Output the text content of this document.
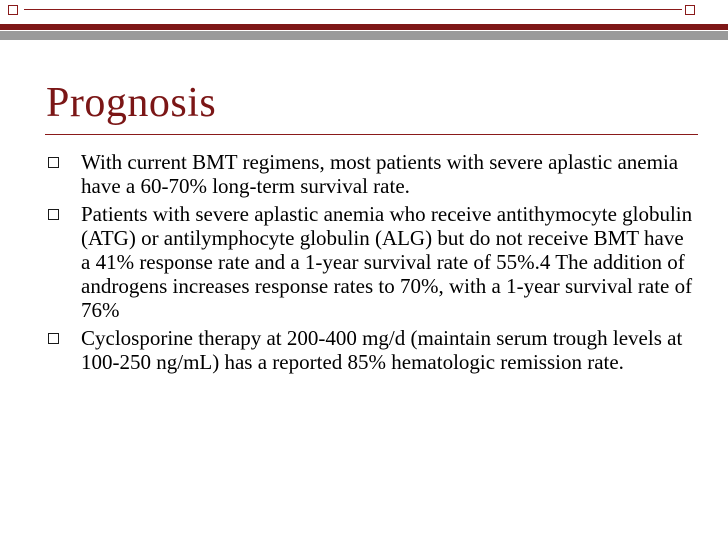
Prognosis
With current BMT regimens, most patients with severe aplastic anemia have a 60-70% long-term survival rate.
Patients with severe aplastic anemia who receive antithymocyte globulin (ATG) or antilymphocyte globulin (ALG) but do not receive BMT have a 41% response rate and a 1-year survival rate of 55%.4 The addition of androgens increases response rates to 70%, with a 1-year survival rate of 76%
Cyclosporine therapy at 200-400 mg/d (maintain serum trough levels at 100-250 ng/mL) has a reported 85% hematologic remission rate.
